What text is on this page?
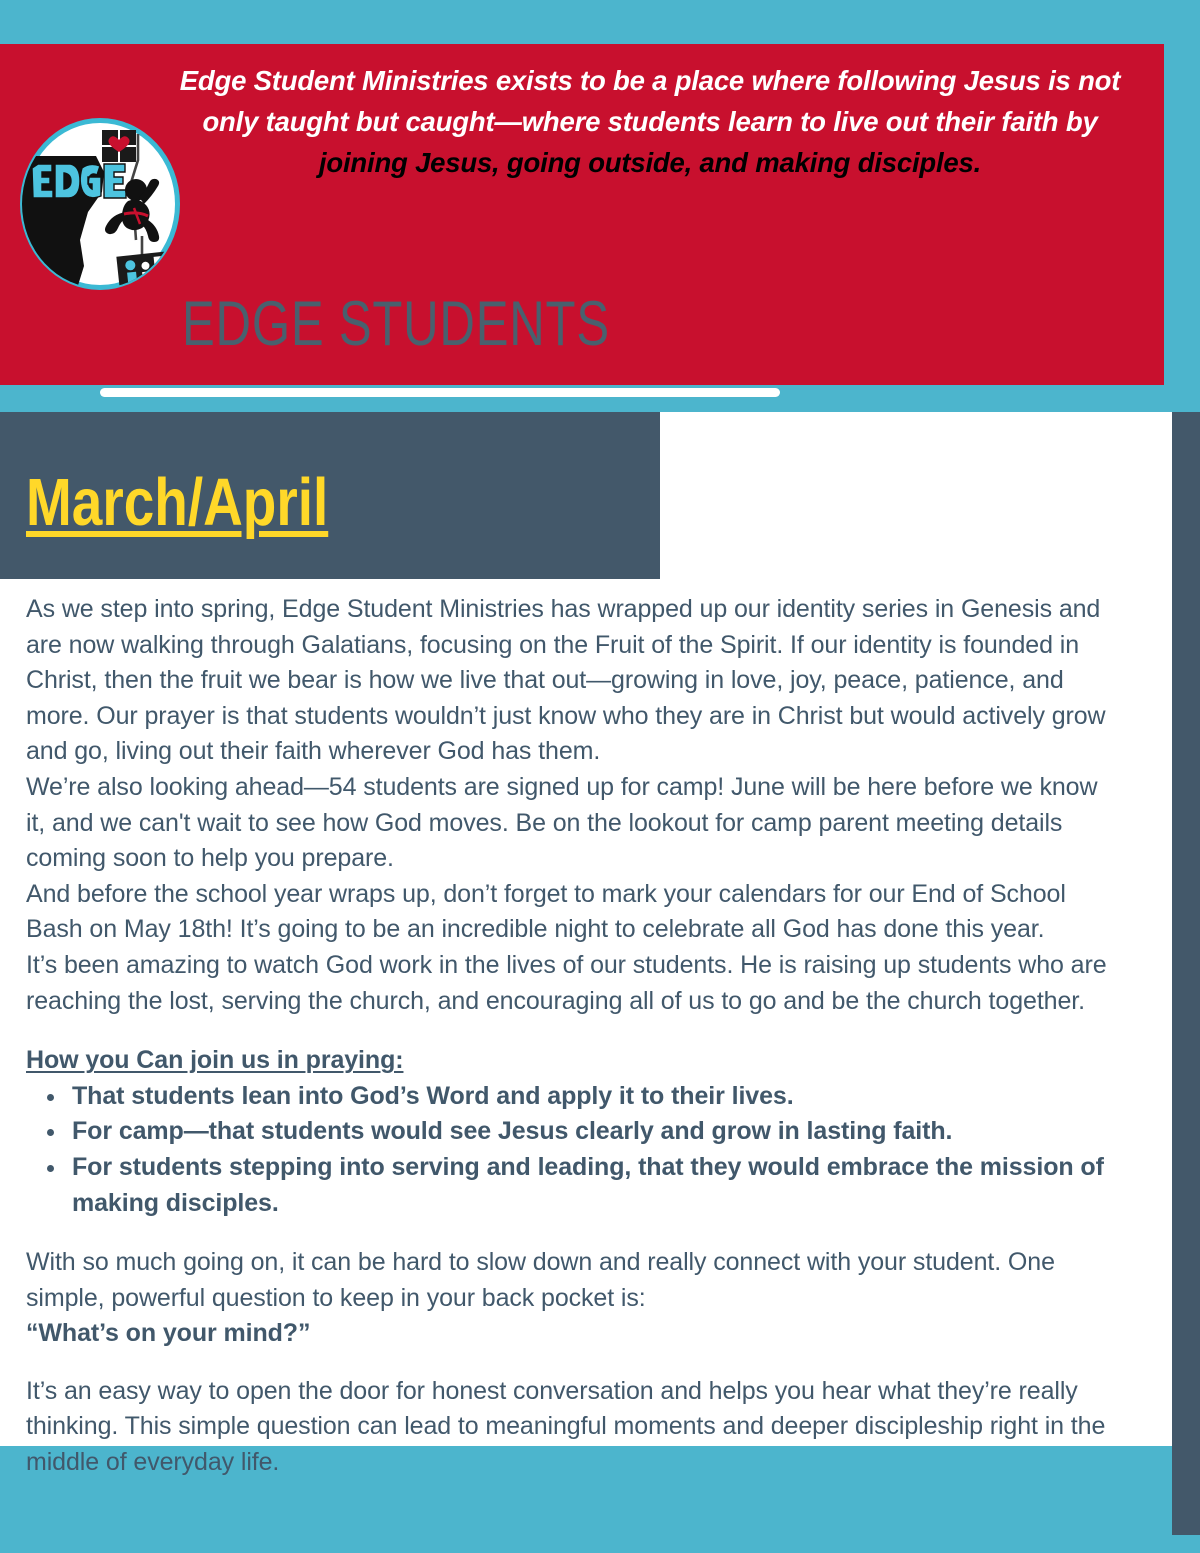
Edge Student Ministries exists to be a place where following Jesus is not only taught but caught—where students learn to live out their faith by joining Jesus, going outside, and making disciples.
EDGE STUDENTS
March/April

As we step into spring, Edge Student Ministries has wrapped up our identity series in Genesis and are now walking through Galatians, focusing on the Fruit of the Spirit. If our identity is founded in Christ, then the fruit we bear is how we live that out—growing in love, joy, peace, patience, and more. Our prayer is that students wouldn’t just know who they are in Christ but would actively grow and go, living out their faith wherever God has them.

We’re also looking ahead—54 students are signed up for camp! June will be here before we know it, and we can't wait to see how God moves. Be on the lookout for camp parent meeting details coming soon to help you prepare.

And before the school year wraps up, don’t forget to mark your calendars for our End of School Bash on May 18th! It’s going to be an incredible night to celebrate all God has done this year.

It’s been amazing to watch God work in the lives of our students. He is raising up students who are reaching the lost, serving the church, and encouraging all of us to go and be the church together.

How you Can join us in praying:

• That students lean into God’s Word and apply it to their lives.
• For camp—that students would see Jesus clearly and grow in lasting faith.
• For students stepping into serving and leading, that they would embrace the mission of making disciples.

With so much going on, it can be hard to slow down and really connect with your student. One simple, powerful question to keep in your back pocket is:

“What’s on your mind?”

It’s an easy way to open the door for honest conversation and helps you hear what they’re really thinking. This simple question can lead to meaningful moments and deeper discipleship right in the middle of everyday life.
